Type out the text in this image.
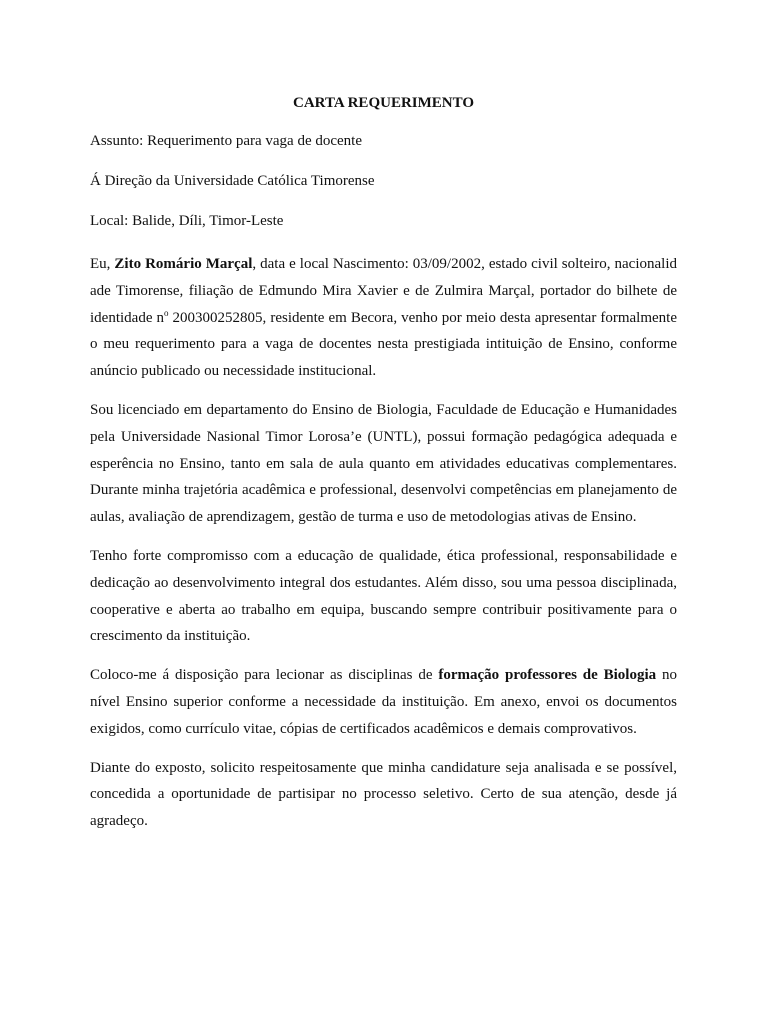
CARTA REQUERIMENTO

Assunto: Requerimento para vaga de docente

Á Direção da Universidade Católica Timorense

Local: Balide, Díli, Timor-Leste

Eu, Zito Romário Marçal, data e local Nascimento: 03/09/2002, estado civil solteiro, nacionalid ade Timorense, filiação de Edmundo Mira Xavier e de Zulmira Marçal, portador do bilhete de identidade $n^o$ 200300252805, residente em Becora, venho por meio desta apresentar formalmente o meu requerimento para a vaga de docentes nesta prestigiada intituição de Ensino, conforme anúncio publicado ou necessidade institucional.

Sou licenciado em departamento do Ensino de Biologia, Faculdade de Educação e Humanidades pela Universidade Nasional Timor Lorosa’e (UNTL), possui formação pedagógica adequada e esperência no Ensino, tanto em sala de aula quanto em atividades educativas complementares. Durante minha trajetória acadêmica e professional, desenvolvi competências em planejamento de aulas, avaliação de aprendizagem, gestão de turma e uso de metodologias ativas de Ensino.

Tenho forte compromisso com a educação de qualidade, ética professional, responsabilidade e dedicação ao desenvolvimento integral dos estudantes. Além disso, sou uma pessoa disciplinada, cooperative e aberta ao trabalho em equipa, buscando sempre contribuir positivamente para o crescimento da instituição.

Coloco-me á disposição para lecionar as disciplinas de formação professores de Biologia no nível Ensino superior conforme a necessidade da instituição. Em anexo, envoi os documentos exigidos, como currículo vitae, cópias de certificados acadêmicos e demais comprovativos.

Diante do exposto, solicito respeitosamente que minha candidature seja analisada e se possível, concedida a oportunidade de partisipar no processo seletivo. Certo de sua atenção, desde já agradeço.
